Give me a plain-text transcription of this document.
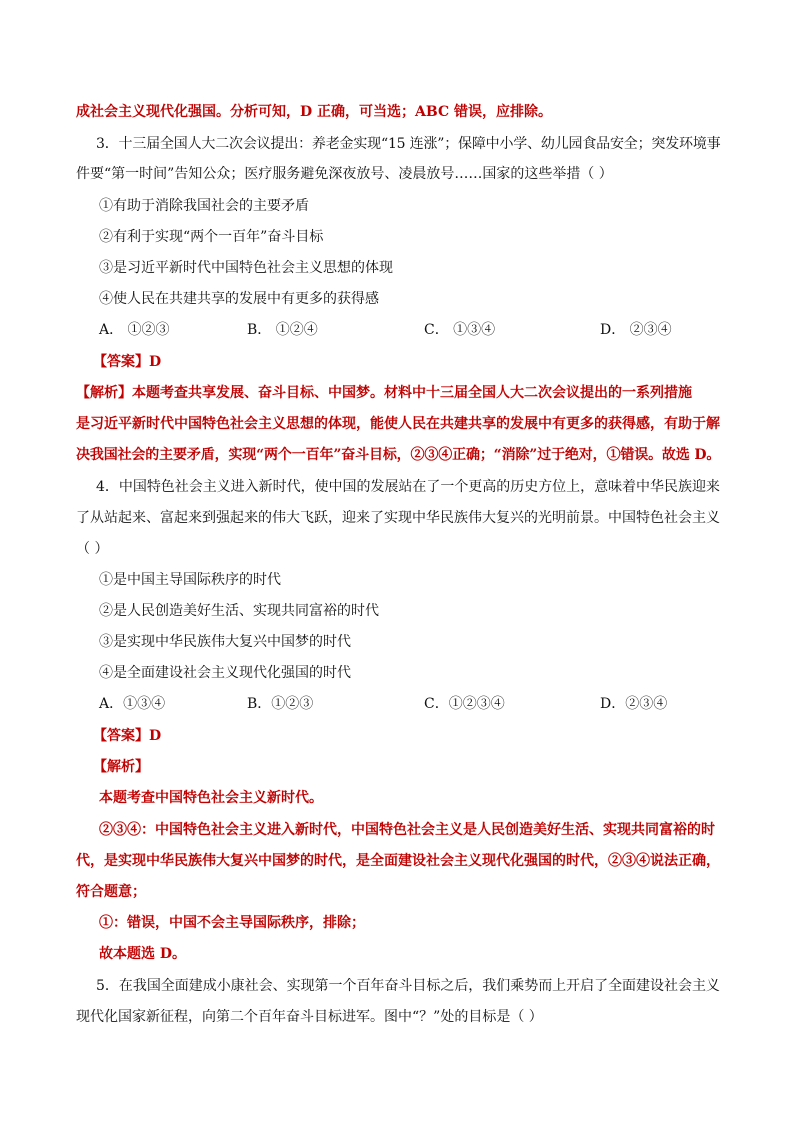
成社会主义现代化强国。分析可知，D 正确，可当选；ABC 错误，应排除。
3．十三届全国人大二次会议提出：养老金实现“15 连涨”；保障中小学、幼儿园食品安全；突发环境事
件要“第一时间”告知公众；医疗服务避免深夜放号、凌晨放号……国家的这些举措（ ）
①有助于消除我国社会的主要矛盾
②有利于实现“两个一百年”奋斗目标
③是习近平新时代中国特色社会主义思想的体现
④使人民在共建共享的发展中有更多的获得感
A． ①②③	B． ①②④	C． ①③④	D． ②③④
【答案】D
【解析】本题考查共享发展、奋斗目标、中国梦。材料中十三届全国人大二次会议提出的一系列措施
是习近平新时代中国特色社会主义思想的体现，能使人民在共建共享的发展中有更多的获得感，有助于解
决我国社会的主要矛盾，实现“两个一百年”奋斗目标，②③④正确；“消除”过于绝对，①错误。故选 D。
4．中国特色社会主义进入新时代，使中国的发展站在了一个更高的历史方位上，意味着中华民族迎来
了从站起来、富起来到强起来的伟大飞跃，迎来了实现中华民族伟大复兴的光明前景。中国特色社会主义
（ ）
①是中国主导国际秩序的时代
②是人民创造美好生活、实现共同富裕的时代
③是实现中华民族伟大复兴中国梦的时代
④是全面建设社会主义现代化强国的时代
A．①③④	B．①②③	C．①②③④	D．②③④
【答案】D
【解析】
本题考查中国特色社会主义新时代。
②③④：中国特色社会主义进入新时代，中国特色社会主义是人民创造美好生活、实现共同富裕的时
代，是实现中华民族伟大复兴中国梦的时代，是全面建设社会主义现代化强国的时代，②③④说法正确，
符合题意；
①：错误，中国不会主导国际秩序，排除；
故本题选 D。
5．在我国全面建成小康社会、实现第一个百年奋斗目标之后，我们乘势而上开启了全面建设社会主义
现代化国家新征程，向第二个百年奋斗目标进军。图中“？”处的目标是（ ）
